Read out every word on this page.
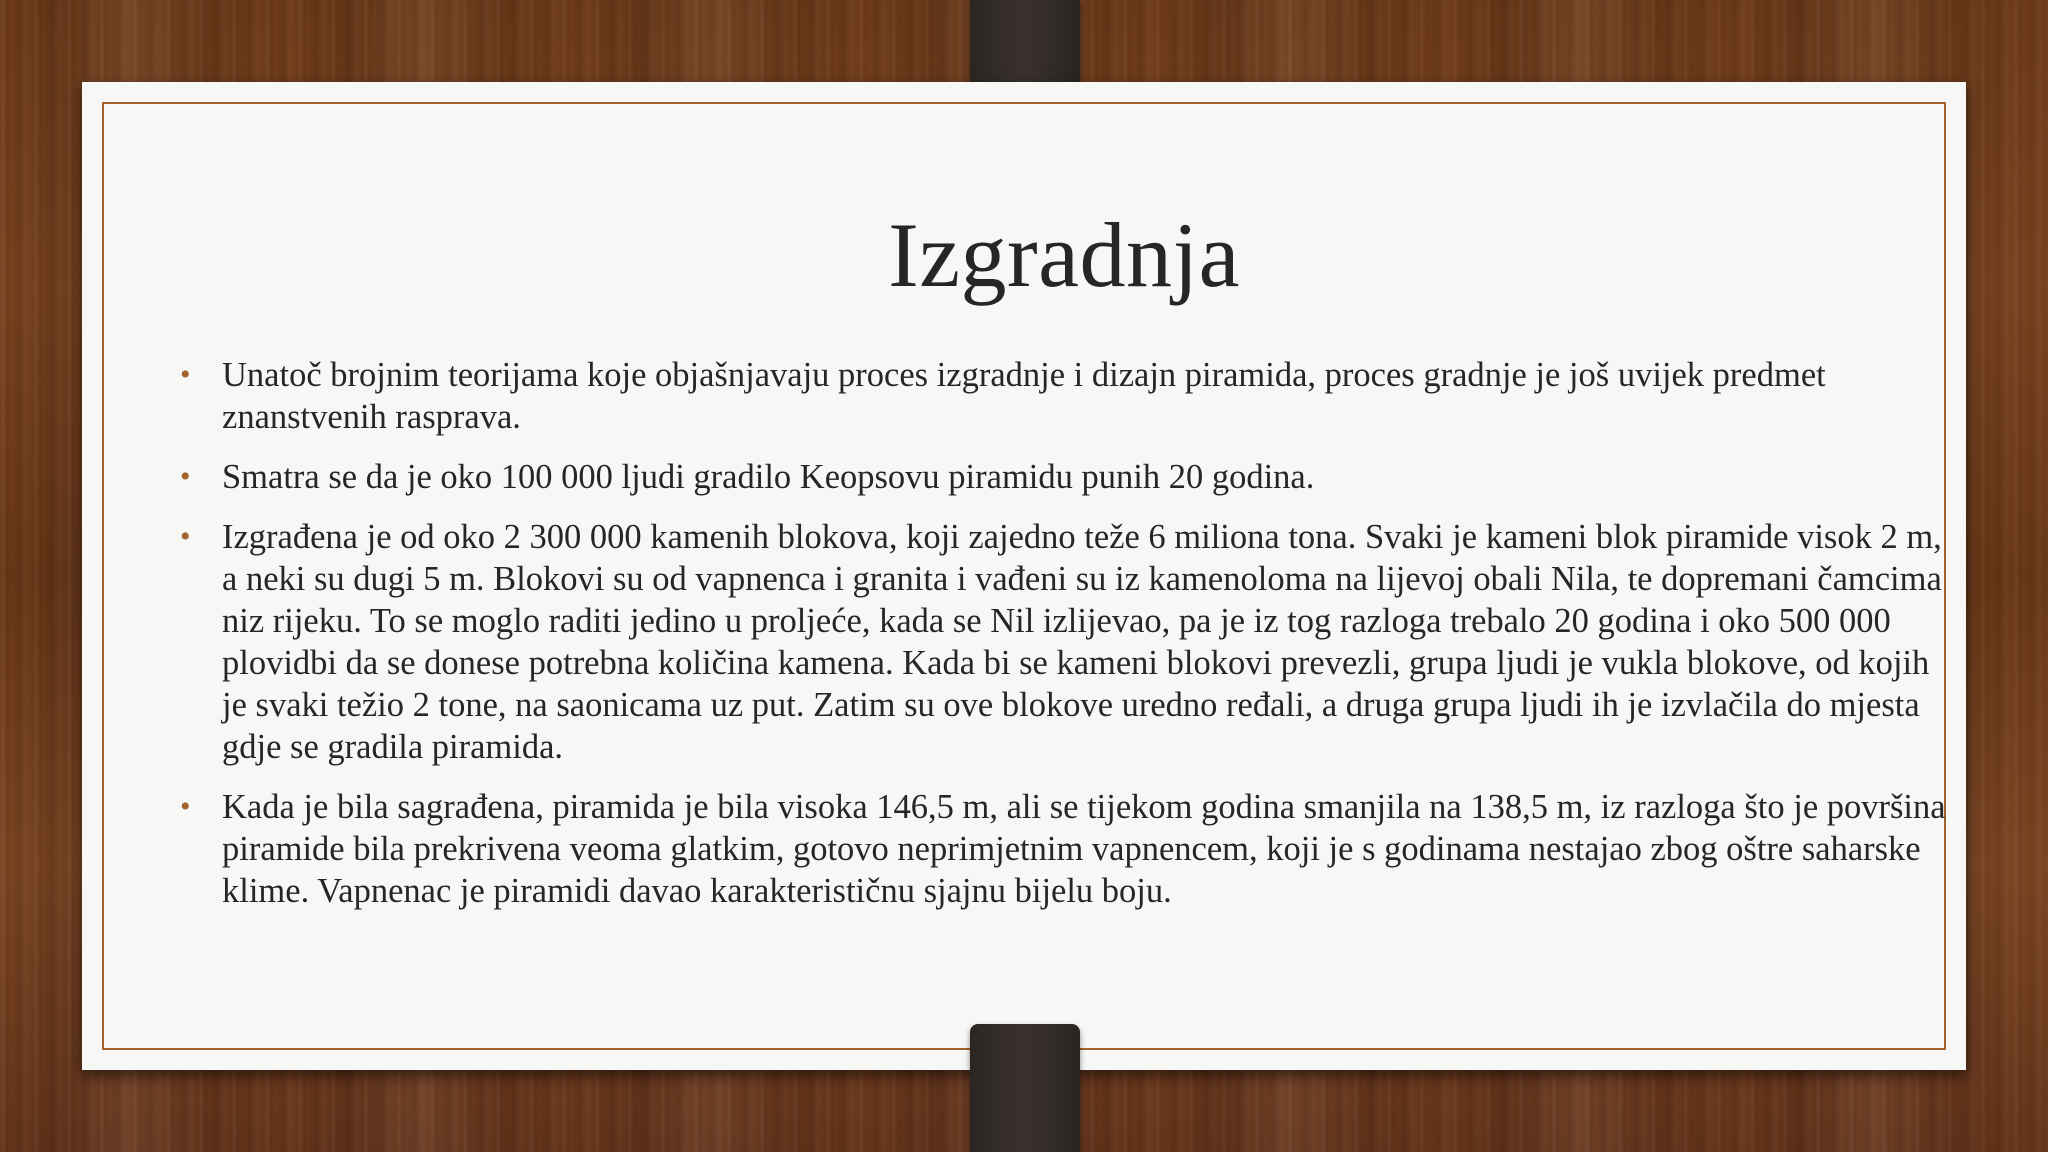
Izgradnja
• Unatoč brojnim teorijama koje objašnjavaju proces izgradnje i dizajn piramida, proces gradnje je još uvijek predmet znanstvenih rasprava.
• Smatra se da je oko 100 000 ljudi gradilo Keopsovu piramidu punih 20 godina.
• Izgrađena je od oko 2 300 000 kamenih blokova, koji zajedno teže 6 miliona tona. Svaki je kameni blok piramide visok 2 m, a neki su dugi 5 m. Blokovi su od vapnenca i granita i vađeni su iz kamenoloma na lijevoj obali Nila, te dopremani čamcima niz rijeku. To se moglo raditi jedino u proljeće, kada se Nil izlijevao, pa je iz tog razloga trebalo 20 godina i oko 500 000 plovidbi da se donese potrebna količina kamena. Kada bi se kameni blokovi prevezli, grupa ljudi je vukla blokove, od kojih je svaki težio 2 tone, na saonicama uz put. Zatim su ove blokove uredno ređali, a druga grupa ljudi ih je izvlačila do mjesta gdje se gradila piramida.
• Kada je bila sagrađena, piramida je bila visoka 146,5 m, ali se tijekom godina smanjila na 138,5 m, iz razloga što je površina piramide bila prekrivena veoma glatkim, gotovo neprimjetnim vapnencem, koji je s godinama nestajao zbog oštre saharske klime. Vapnenac je piramidi davao karakterističnu sjajnu bijelu boju.
